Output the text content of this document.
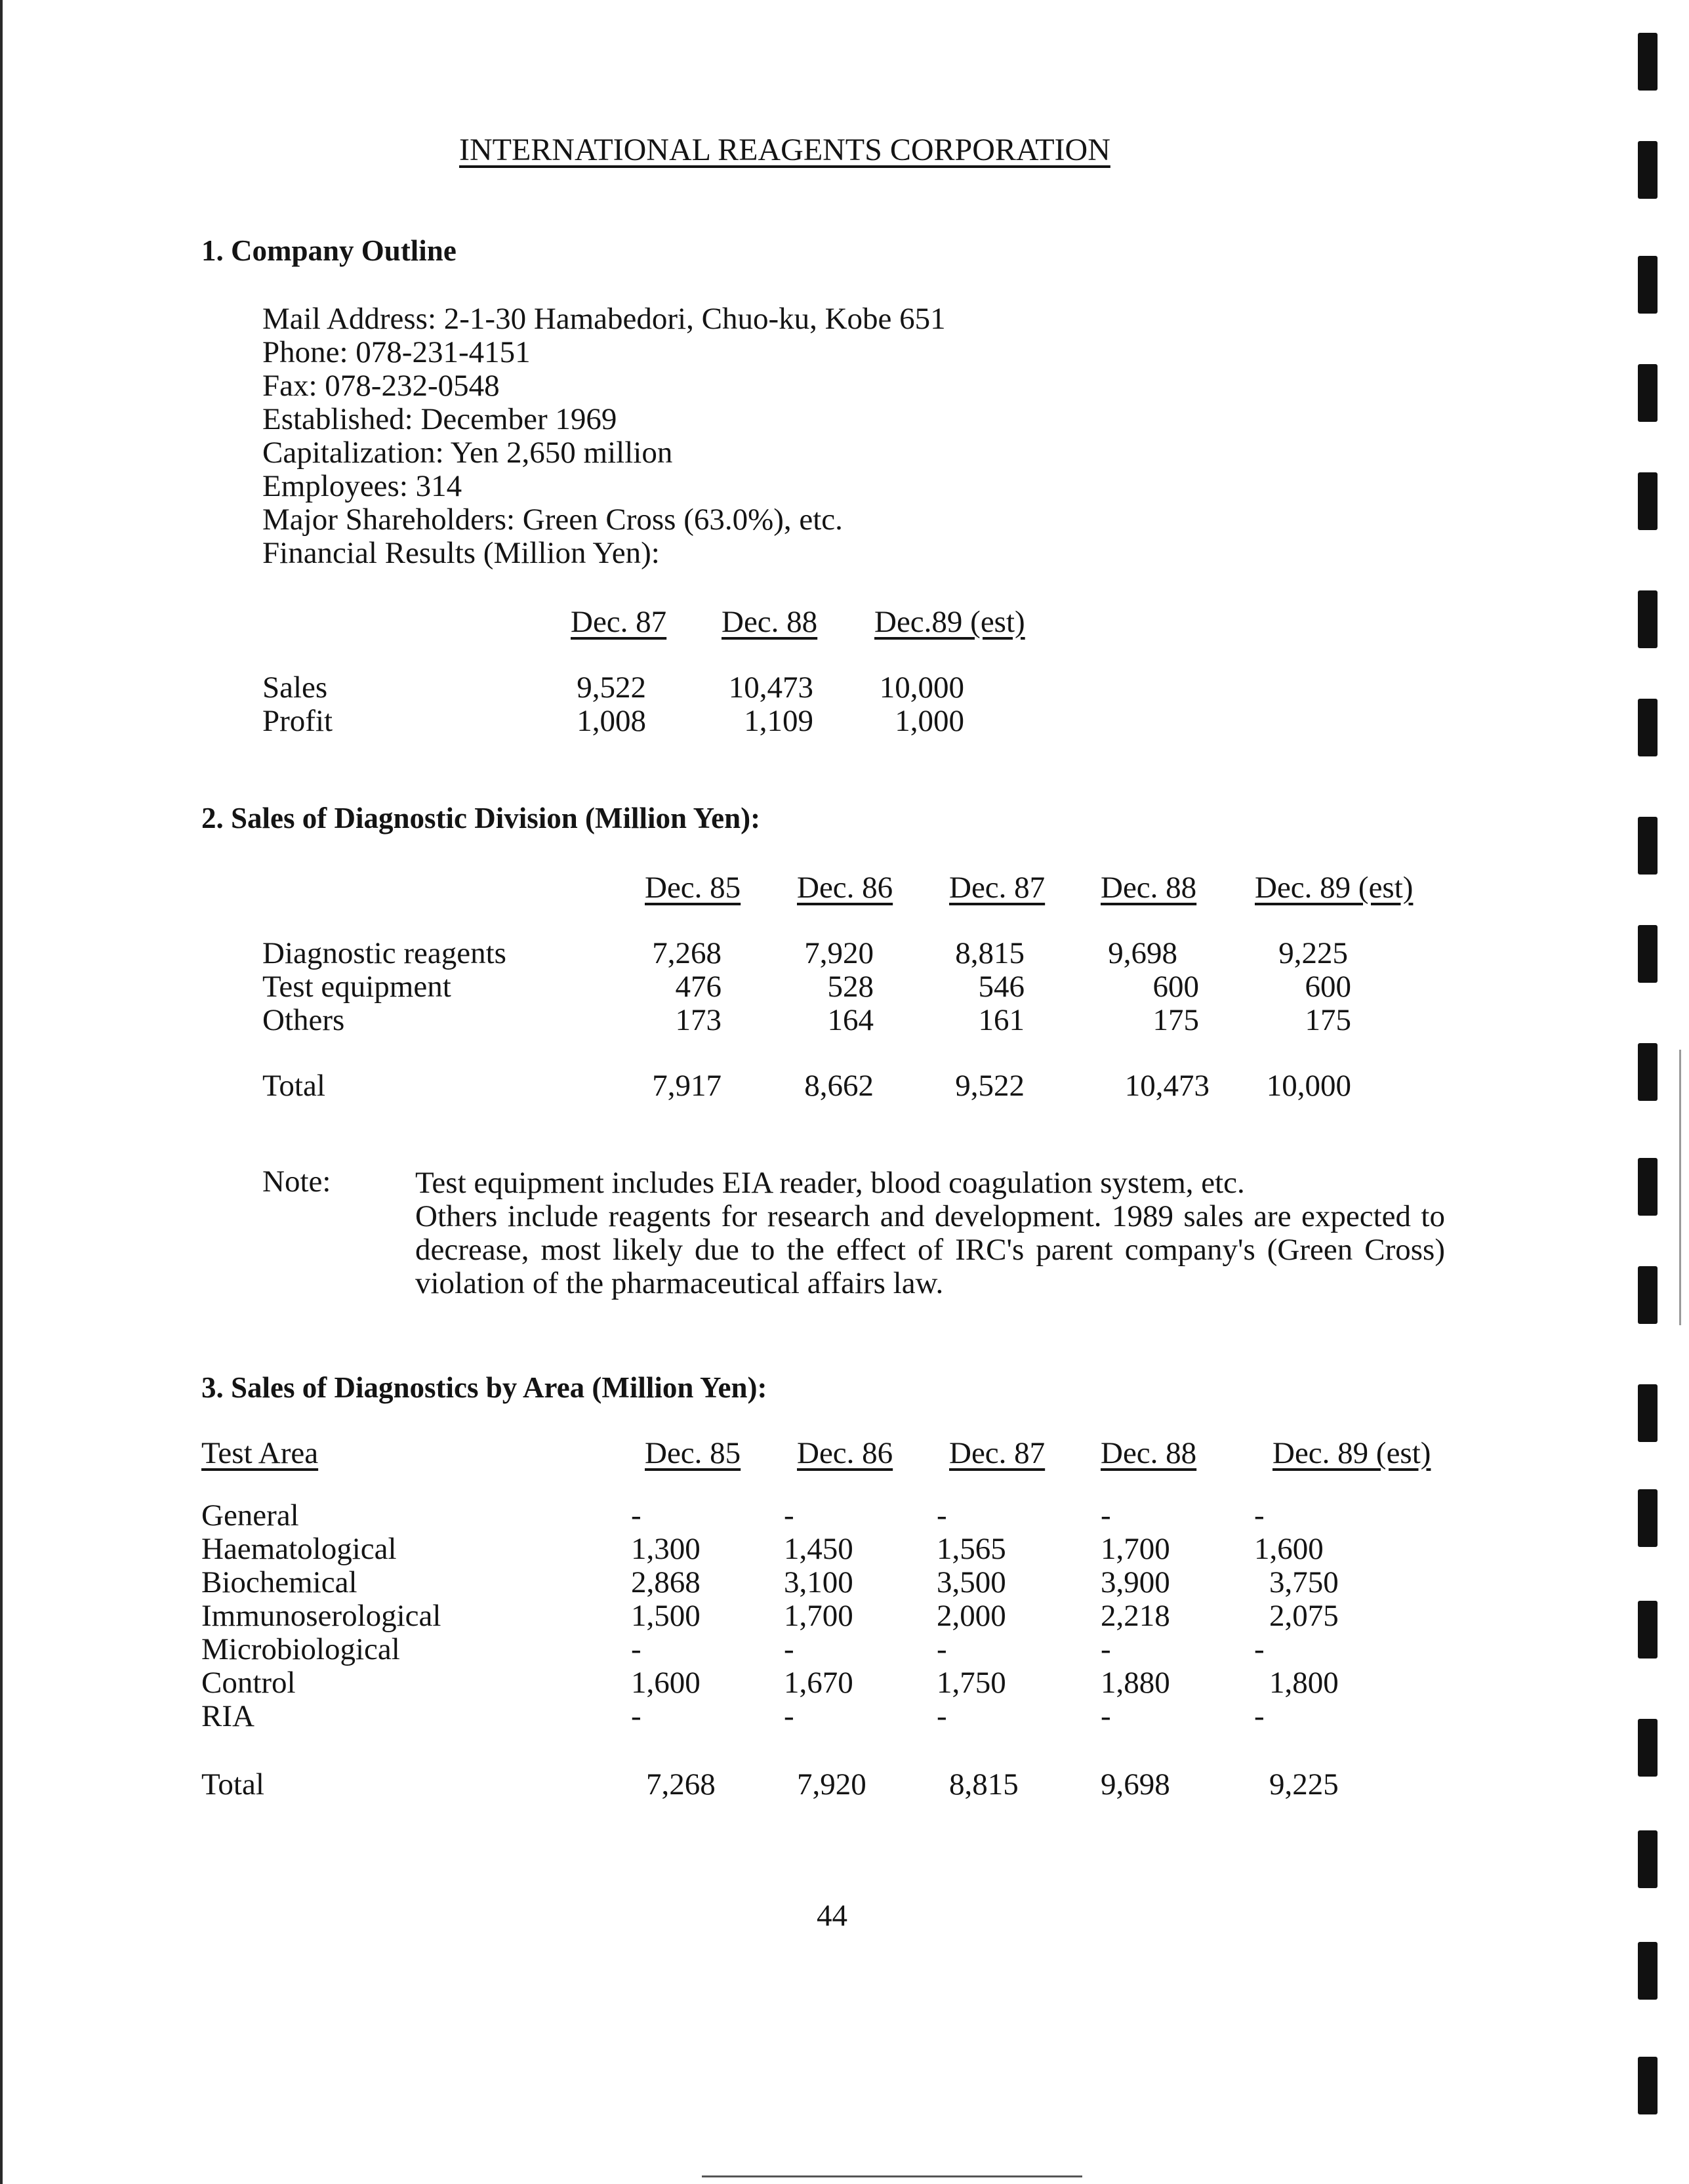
INTERNATIONAL REAGENTS CORPORATION
1. Company Outline
Mail Address: 2-1-30 Hamabedori, Chuo-ku, Kobe 651
Phone: 078-231-4151
Fax: 078-232-0548
Established: December 1969
Capitalization: Yen 2,650 million
Employees: 314
Major Shareholders: Green Cross (63.0%), etc.
Financial Results (Million Yen):
Dec. 87 Dec. 88 Dec.89 (est)
Sales	9,522	10,473	10,000
Profit	1,008	1,109	1,000
2. Sales of Diagnostic Division (Million Yen):
Dec. 85 Dec. 86 Dec. 87 Dec. 88 Dec. 89 (est)
Diagnostic reagents	7,268	7,920	8,815	9,698	9,225
Test equipment	476	528	546	600	600
Others	173	164	161	175	175
Total	7,917	8,662	9,522	10,473	10,000
Note:	Test equipment includes EIA reader, blood coagulation system, etc.

Others include reagents for research and development. 1989 sales are expected to decrease, most likely due to the effect of IRC's parent company's (Green Cross) violation of the pharmaceutical affairs law.

3. Sales of Diagnostics by Area (Million Yen):
Test Area	Dec. 85 Dec. 86 Dec. 87 Dec. 88 Dec. 89 (est)
General	-	-	-	-	-
Haematological	1,300	1,450	1,565	1,700	1,600
Biochemical	2,868	3,100	3,500	3,900	3,750
Immunoserological	1,500	1,700	2,000	2,218	2,075
Microbiological	-	-	-	-	-
Control	1,600	1,670	1,750	1,880	1,800
RIA	-	-	-	-	-
Total	7,268	7,920	8,815	9,698	9,225
44
